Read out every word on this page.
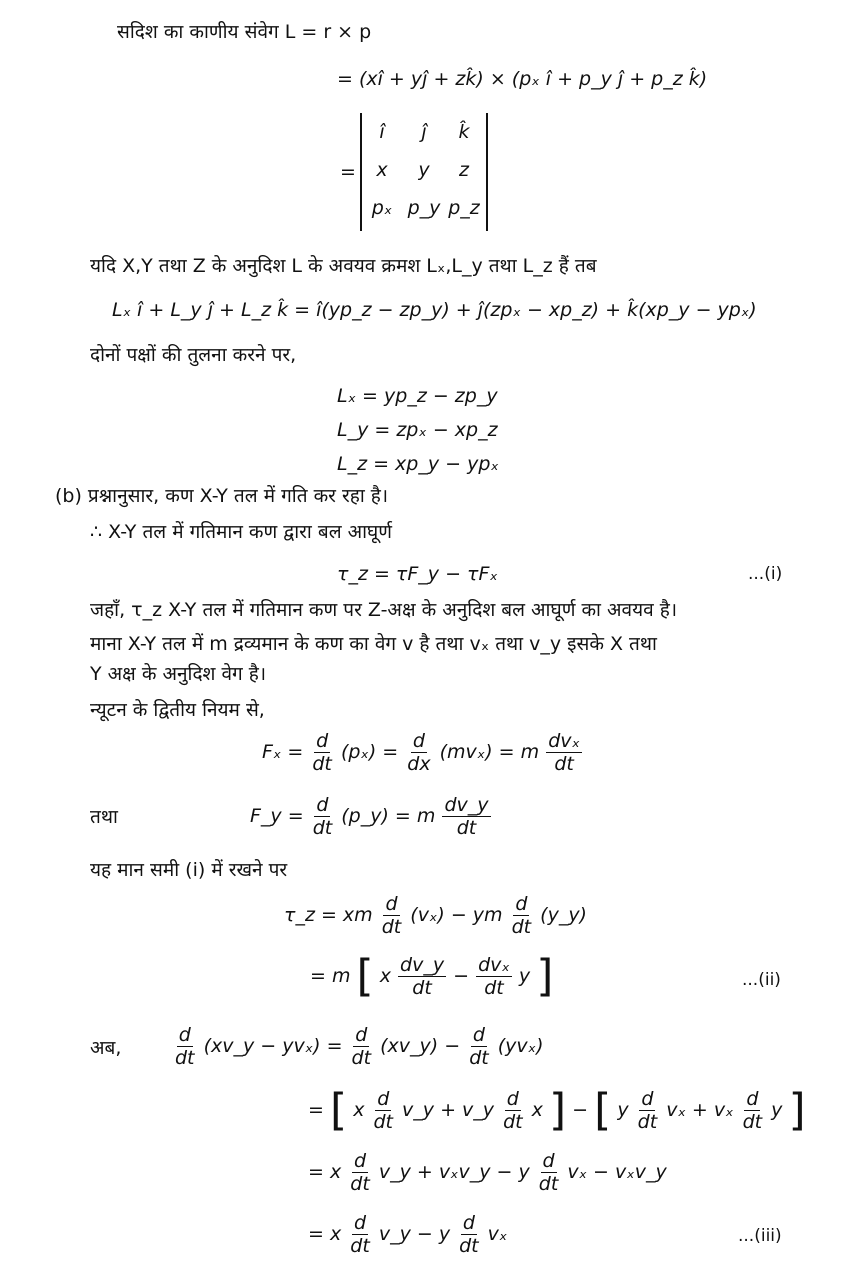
सदिश का काणीय संवेग L = r × p
= (xî + yĵ + zk̂) × (pₓ î + p_y ĵ + p_z k̂)
=
î	ĵ	k̂
x	y	z
pₓ p_y p_z
यदि X,Y तथा Z के अनुदिश L के अवयव क्रमश Lₓ,L_y तथा L_z हैं तब
Lₓ î + L_y ĵ + L_z k̂ = î(yp_z − zp_y) + ĵ(zpₓ − xp_z) + k̂(xp_y − ypₓ)
दोनों पक्षों की तुलना करने पर,
Lₓ = yp_z − zp_y
L_y = zpₓ − xp_z
L_z = xp_y − ypₓ
(b) प्रश्नानुसार, कण X-Y तल में गति कर रहा है।
∴ X-Y तल में गतिमान कण द्वारा बल आघूर्ण
τ_z = τF_y − τFₓ	...(i)
जहाँ, τ_z X-Y तल में गतिमान कण पर Z-अक्ष के अनुदिश बल आघूर्ण का अवयव है।
माना X-Y तल में m द्रव्यमान के कण का वेग v है तथा vₓ तथा v_y इसके X तथा
Y अक्ष के अनुदिश वेग है।
न्यूटन के द्वितीय नियम से,
$F_x = \frac{d}{dt} (p_x) = \frac{d}{dx} (mv_x) = m \frac{\text{dvₓ}}{dt}$
तथा	F_y = $\frac{d}{dt}$ (p_y) = m $\frac{dv\_y}{dt}$
यह मान समी (i) में रखने पर
τ_z = xm $\frac{d}{dt} (v_x)$ − ym $\frac{d}{dt}$ (y_y)
= m [ x $\frac{dv\_y}{dt} - \frac{\text{dvₓ}}{dt}$ y ]	...(ii)
अब,	$\frac{d}{dt}$ (xv_y − $yv_x) = \frac{d}{dt}$ (xv_y) − $\frac{d}{dt} (yv_x)$
= [ x $\frac{d}{dt}$ v_y + v_y $\frac{d}{dt}$ x ] − [ y $\frac{d}{dt}$ vₓ + vₓ $\frac{d}{dt}$ y ]
= x $\frac{d}{dt}$ v_y + vₓv_y − y $\frac{d}{dt}$ vₓ − vₓv_y
= x $\frac{d}{dt}$ v_y − y $\frac{d}{dt}$ vₓ	...(iii)
